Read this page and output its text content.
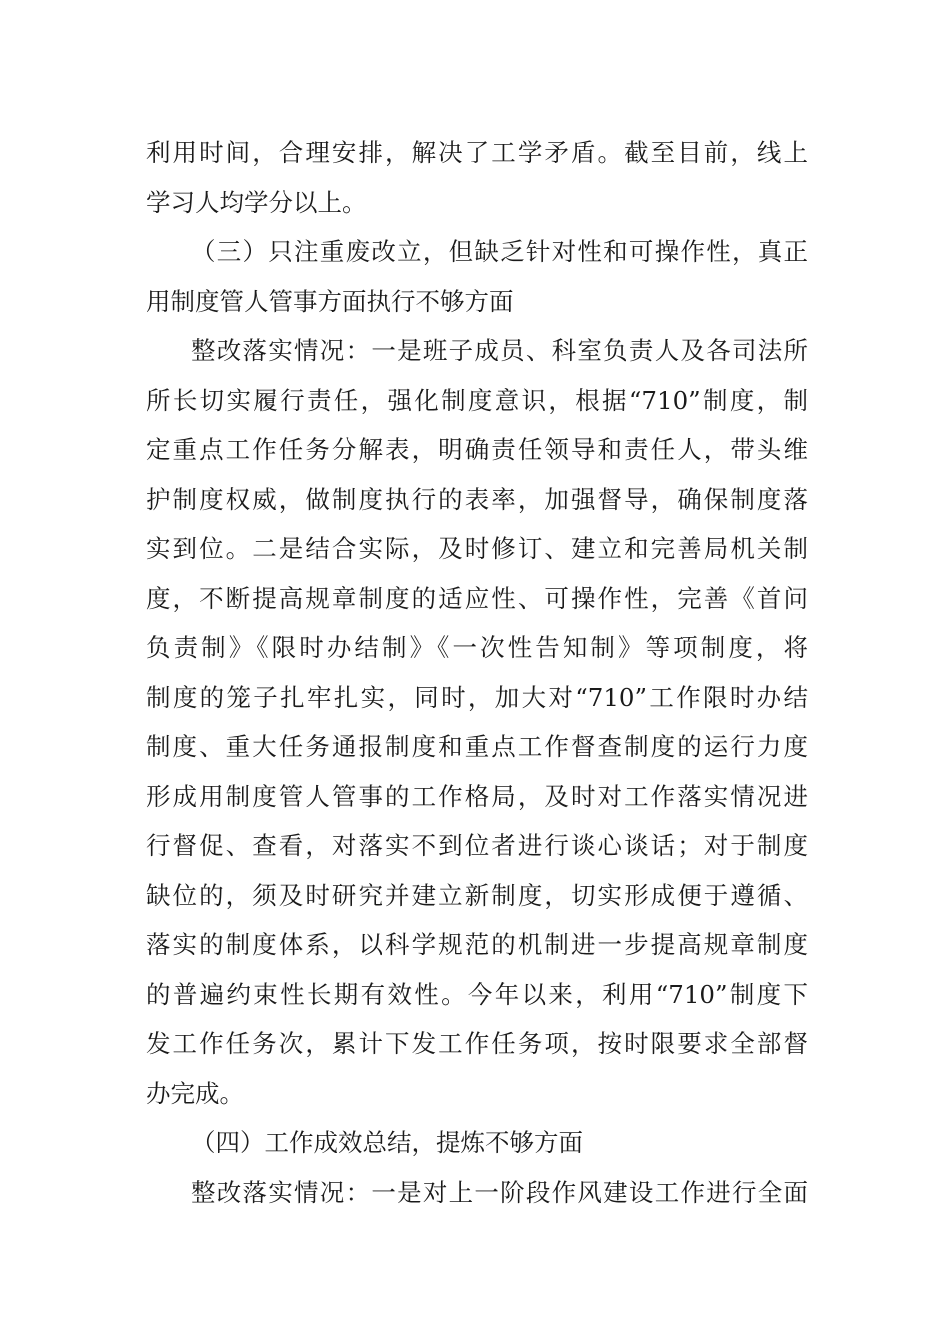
利用时间，合理安排，解决了工学矛盾。截至目前，线上
学习人均学分以上。
（三）只注重废改立，但缺乏针对性和可操作性，真正
用制度管人管事方面执行不够方面
整改落实情况：一是班子成员、科室负责人及各司法所
所长切实履行责任，强化制度意识，根据“710”制度，制
定重点工作任务分解表，明确责任领导和责任人，带头维
护制度权威，做制度执行的表率，加强督导，确保制度落
实到位。二是结合实际，及时修订、建立和完善局机关制
度，不断提高规章制度的适应性、可操作性，完善《首问
负责制》《限时办结制》《一次性告知制》等项制度，将
制度的笼子扎牢扎实，同时，加大对“710”工作限时办结
制度、重大任务通报制度和重点工作督查制度的运行力度
形成用制度管人管事的工作格局，及时对工作落实情况进
行督促、查看，对落实不到位者进行谈心谈话；对于制度
缺位的，须及时研究并建立新制度，切实形成便于遵循、
落实的制度体系，以科学规范的机制进一步提高规章制度
的普遍约束性长期有效性。今年以来，利用“710”制度下
发工作任务次，累计下发工作任务项，按时限要求全部督
办完成。
（四）工作成效总结，提炼不够方面
整改落实情况：一是对上一阶段作风建设工作进行全面
